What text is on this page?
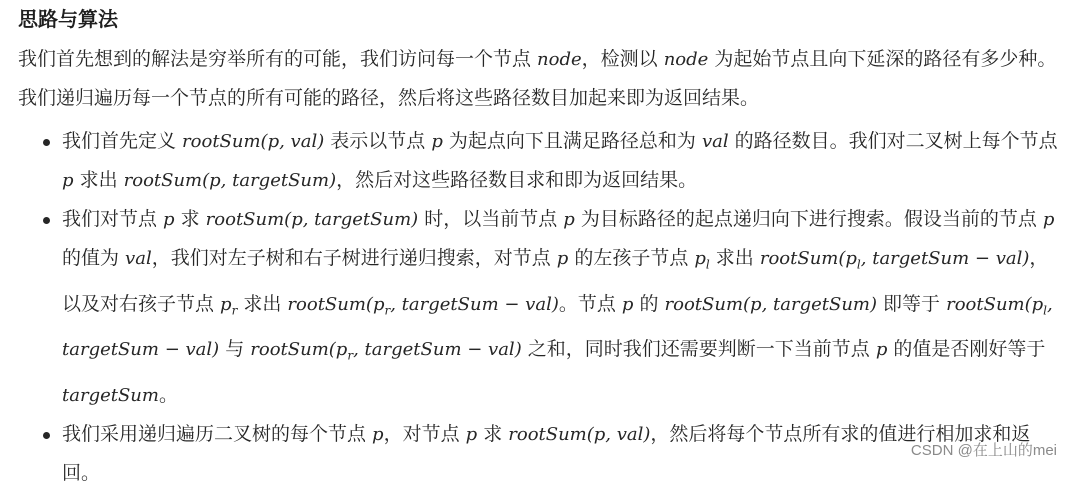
思路与算法
我们首先想到的解法是穷举所有的可能，我们访问每一个节点 node，检测以 node 为起始节点且向下延深的路径有多少种。我们递归遍历每一个节点的所有可能的路径，然后将这些路径数目加起来即为返回结果。
我们首先定义 rootSum(p, val) 表示以节点 p 为起点向下且满足路径总和为 val 的路径数目。我们对二叉树上每个节点 p 求出 rootSum(p, targetSum)，然后对这些路径数目求和即为返回结果。
我们对节点 p 求 rootSum(p, targetSum) 时，以当前节点 p 为目标路径的起点递归向下进行搜索。假设当前的节点 p 的值为 val，我们对左子树和右子树进行递归搜索，对节点 p 的左孩子节点 $p_l$ 求出 $rootSum(p_l$, targetSum − val)，以及对右孩子节点 $p_r$ 求出 $rootSum(p_r$, targetSum − val)。节点 p 的 rootSum(p, targetSum) 即等于 $rootSum(p_l$, targetSum − val) 与 $rootSum(p_r$, targetSum − val) 之和，同时我们还需要判断一下当前节点 p 的值是否刚好等于 targetSum。
我们采用递归遍历二叉树的每个节点 p，对节点 p 求 rootSum(p, val)，然后将每个节点所有求的值进行相加求和返回。
CSDN @在上山的mei
